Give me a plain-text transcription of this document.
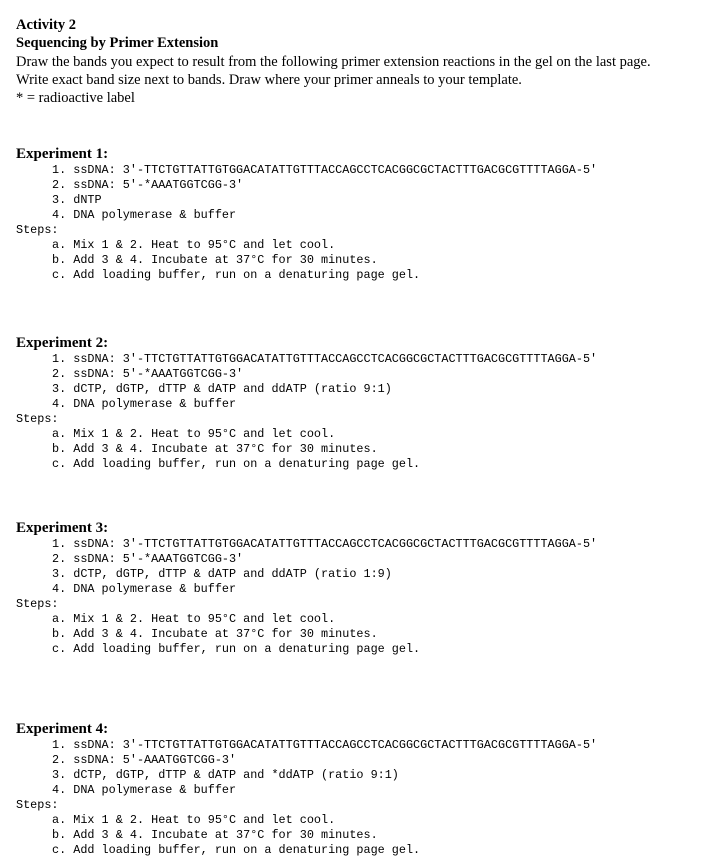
Activity 2
Sequencing by Primer Extension
Draw the bands you expect to result from the following primer extension reactions in the gel on the last page.
Write exact band size next to bands. Draw where your primer anneals to your template.
* = radioactive label
Experiment 1:
1. ssDNA: 3'-TTCTGTTATTGTGGACATATTGTTTACCAGCCTCACGGCGCTACTTTGACGCGTTTTAGGA-5'
2. ssDNA: 5'-*AAATGGTCGG-3'
3. dNTP
4. DNA polymerase & buffer
Steps:
a. Mix 1 & 2. Heat to 95°C and let cool.
b. Add 3 & 4. Incubate at 37°C for 30 minutes.
c. Add loading buffer, run on a denaturing page gel.
Experiment 2:
1. ssDNA: 3'-TTCTGTTATTGTGGACATATTGTTTACCAGCCTCACGGCGCTACTTTGACGCGTTTTAGGA-5'
2. ssDNA: 5'-*AAATGGTCGG-3'
3. dCTP, dGTP, dTTP & dATP and ddATP (ratio 9:1)
4. DNA polymerase & buffer
Steps:
a. Mix 1 & 2. Heat to 95°C and let cool.
b. Add 3 & 4. Incubate at 37°C for 30 minutes.
c. Add loading buffer, run on a denaturing page gel.
Experiment 3:
1. ssDNA: 3'-TTCTGTTATTGTGGACATATTGTTTACCAGCCTCACGGCGCTACTTTGACGCGTTTTAGGA-5'
2. ssDNA: 5'-*AAATGGTCGG-3'
3. dCTP, dGTP, dTTP & dATP and ddATP (ratio 1:9)
4. DNA polymerase & buffer
Steps:
a. Mix 1 & 2. Heat to 95°C and let cool.
b. Add 3 & 4. Incubate at 37°C for 30 minutes.
c. Add loading buffer, run on a denaturing page gel.
Experiment 4:
1. ssDNA: 3'-TTCTGTTATTGTGGACATATTGTTTACCAGCCTCACGGCGCTACTTTGACGCGTTTTAGGA-5'
2. ssDNA: 5'-AAATGGTCGG-3'
3. dCTP, dGTP, dTTP & dATP and *ddATP (ratio 9:1)
4. DNA polymerase & buffer
Steps:
a. Mix 1 & 2. Heat to 95°C and let cool.
b. Add 3 & 4. Incubate at 37°C for 30 minutes.
c. Add loading buffer, run on a denaturing page gel.
